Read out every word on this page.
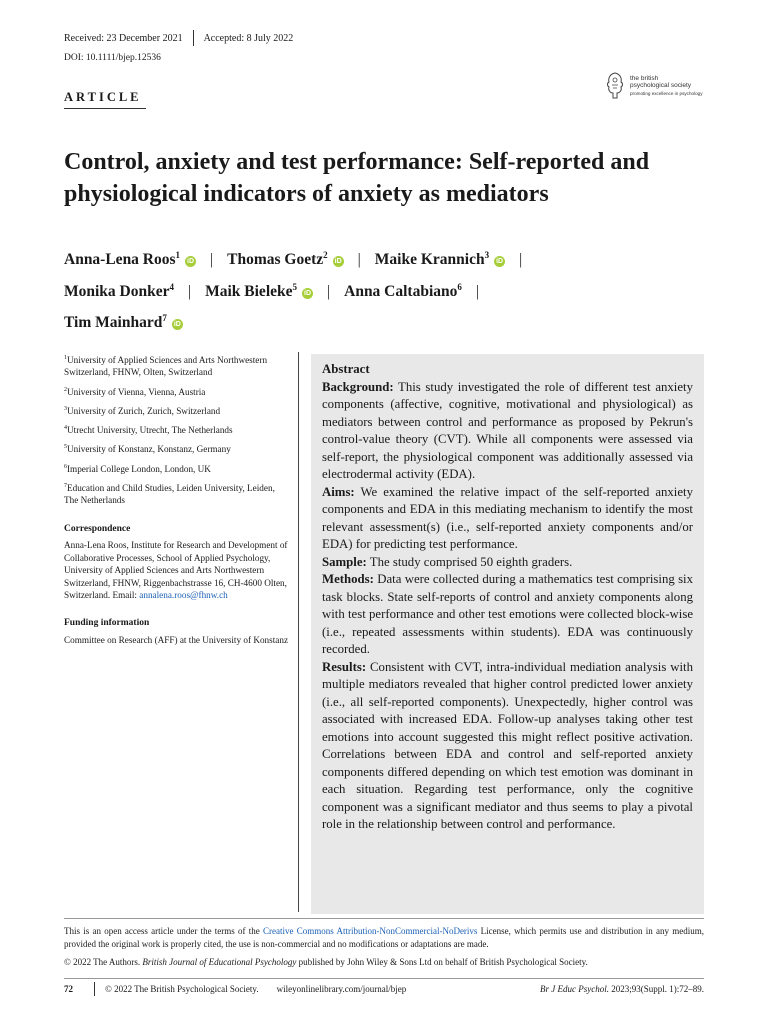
Received: 23 December 2021 Accepted: 8 July 2022
DOI: 10.1111/bjep.12536
ARTICLE
the british
psychological society
promoting excellence in psychology
Control, anxiety and test performance: Self-reported and physiological indicators of anxiety as mediators
Anna-Lena Roos$^1$iD | Thomas Goetz$^2$iD | Maike Krannich$^3$iD |
Monika Donker$^4$ | Maik Bieleke$^5$iD | Anna Caltabiano$^6$ |
Tim Mainhard$^7$iD
$^1$University of Applied Sciences and Arts Northwestern Switzerland, FHNW, Olten, Switzerland
$^2$University of Vienna, Vienna, Austria
$^3$University of Zurich, Zurich, Switzerland
$^4$Utrecht University, Utrecht, The Netherlands
$^5$University of Konstanz, Konstanz, Germany
$^6$Imperial College London, London, UK
$^7$Education and Child Studies, Leiden University, Leiden, The Netherlands
Correspondence
Anna-Lena Roos, Institute for Research and Development of Collaborative Processes, School of Applied Psychology, University of Applied Sciences and Arts Northwestern Switzerland, FHNW, Riggenbachstrasse 16, CH-4600 Olten, Switzerland. Email: annalena.roos@fhnw.ch
Funding information
Committee on Research (AFF) at the University of Konstanz

Abstract

Background: This study investigated the role of different test anxiety components (affective, cognitive, motivational and physiological) as mediators between control and performance as proposed by Pekrun's control-value theory (CVT). While all components were assessed via self-report, the physiological component was additionally assessed via electrodermal activity (EDA).

Aims: We examined the relative impact of the self-reported anxiety components and EDA in this mediating mechanism to identify the most relevant assessment(s) (i.e., self-reported anxiety components and/or EDA) for predicting test performance.

Sample: The study comprised 50 eighth graders.

Methods: Data were collected during a mathematics test comprising six task blocks. State self-reports of control and anxiety components along with test performance and other test emotions were collected block-wise (i.e., repeated assessments within students). EDA was continuously recorded.

Results: Consistent with CVT, intra-individual mediation analysis with multiple mediators revealed that higher control predicted lower anxiety (i.e., all self-reported components). Unexpectedly, higher control was associated with increased EDA. Follow-up analyses taking other test emotions into account suggested this might reflect positive activation. Correlations between EDA and control and self-reported anxiety components differed depending on which test emotion was dominant in each situation. Regarding test performance, only the cognitive component was a significant mediator and thus seems to play a pivotal role in the relationship between control and performance.

This is an open access article under the terms of the Creative Commons Attribution-NonCommercial-NoDerivs License, which permits use and distribution in any medium, provided the original work is properly cited, the use is non-commercial and no modifications or adaptations are made.
© 2022 The Authors. British Journal of Educational Psychology published by John Wiley & Sons Ltd on behalf of British Psychological Society.
72	© 2022 The British Psychological Society. wileyonlinelibrary.com/journal/bjep	Br J Educ Psychol. 2023;93(Suppl. 1):72–89.
